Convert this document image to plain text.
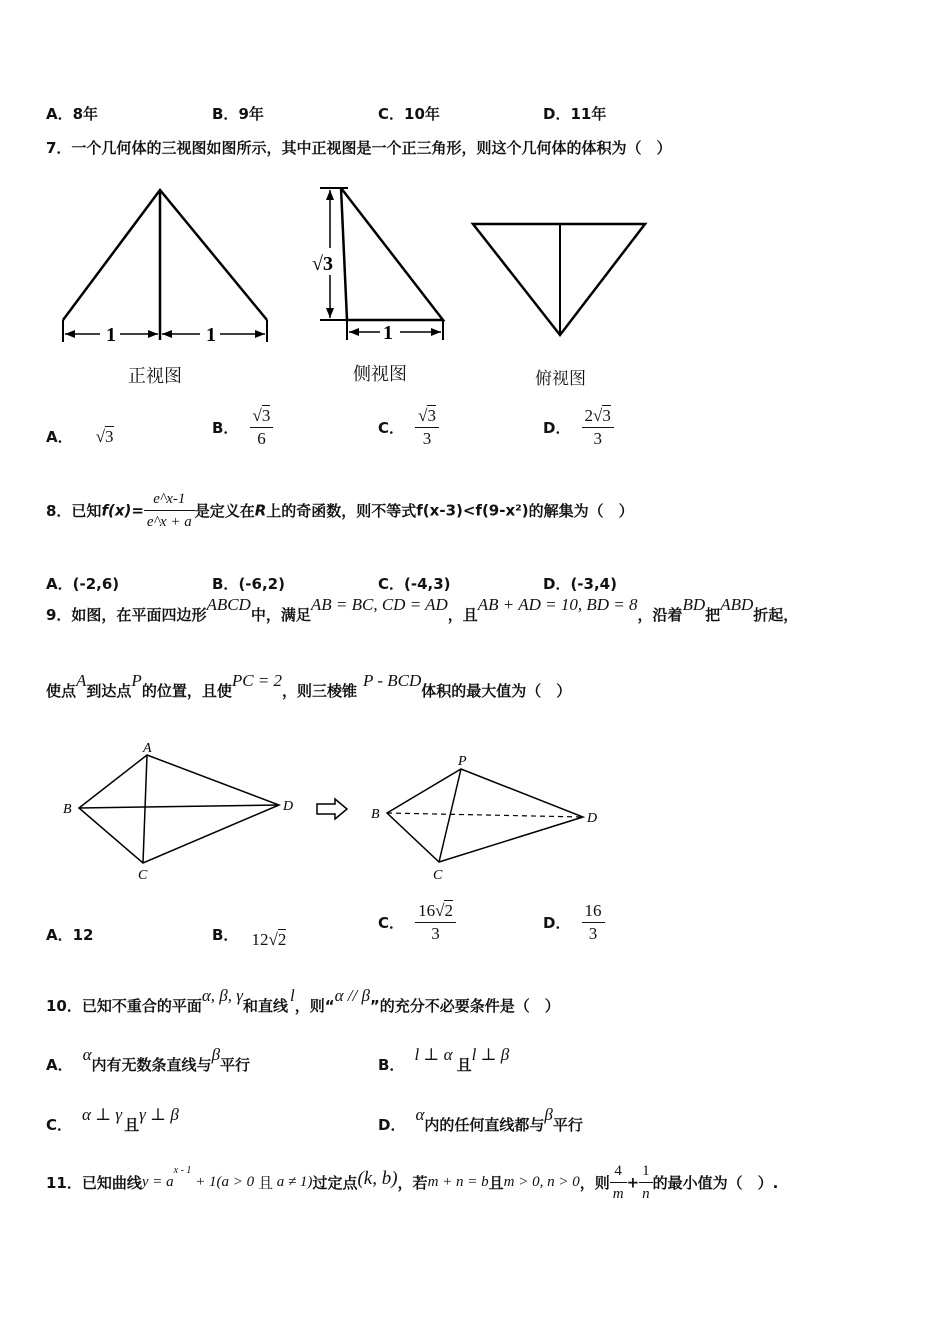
A．8年	B．9年	C．10年	D．11年
7．一个几何体的三视图如图所示，其中正视图是一个正三角形，则这个几何体的体积为（　）
1	1
正视图
√3
1
侧视图	俯视图
A． √3	B． $\frac{√3}{6}$	C． $\frac{√3}{3}$	D． $\frac{2√3}{3}$
8．已知$f(x)= \frac{e\^{}x-1}{e\^{}x + a}$ 是定义在R上的奇函数，则不等式f(x-3)<f(9-x²)的解集为（　）
A．(-2,6)	B．(-6,2)	C．(-4,3)	D．(-3,4)
9．如图，在平面四边形ABCD中，满足AB = BC, CD = AD，且AB + AD = 10, BD = 8，沿着BD把ABD折起，
使点A到达点P的位置，且使PC = 2，则三棱锥P - BCD体积的最大值为（　）
A
B
C
D
P
B
C
D
A．12	B． 12√2
C． $\frac{16√2}{3}$	D． $\frac{16}{3}$
10．已知不重合的平面α, β, γ和直线l，则“α // β”的充分不必要条件是（　）
A．α内有无数条直线与β平行	B．l ⊥ α且l ⊥ β
C．α ⊥ γ且γ ⊥ β
D．α内的任何直线都与β平行
11．已知曲线$y = a^{x - 1} + 1(a > 0$ 且 a ≠ 1)过定点(k, b)，若m + n = b且m > 0, n > 0，则 $\frac{4}{m} + \frac{1}{n}$ 的最小值为（　）.
